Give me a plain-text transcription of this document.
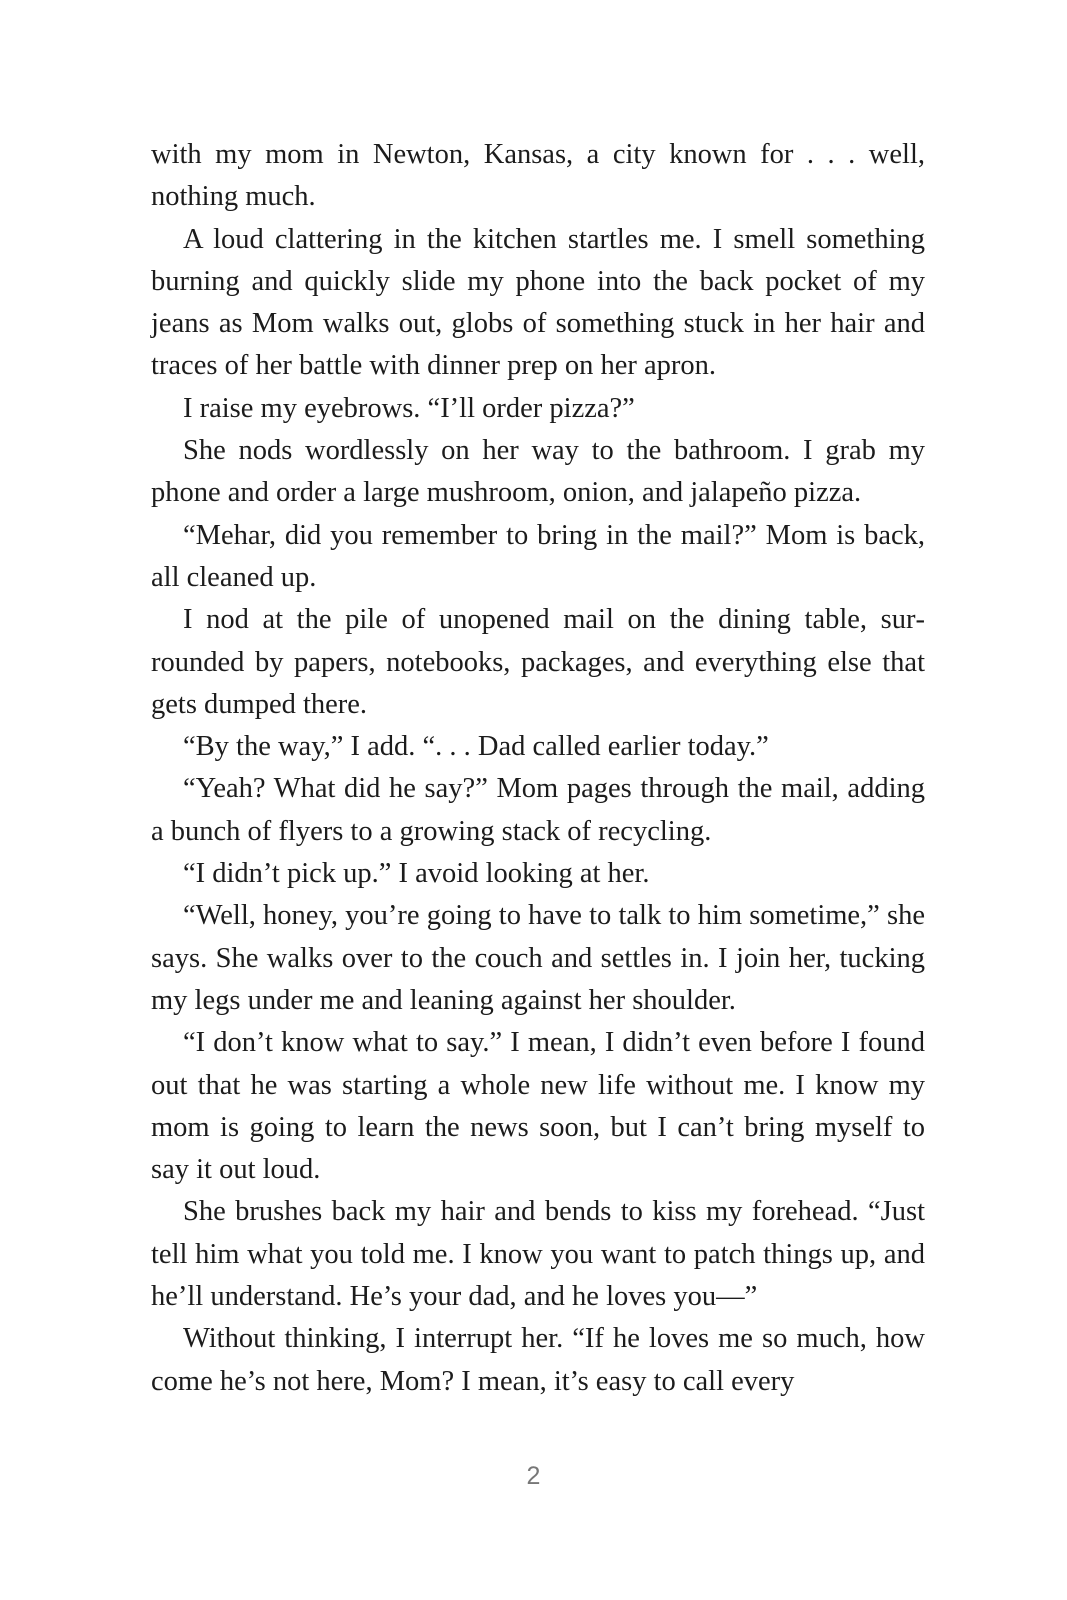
with my mom in Newton, Kansas, a city known for . . . well, nothing much.

A loud clattering in the kitchen startles me. I smell something burning and quickly slide my phone into the back pocket of my jeans as Mom walks out, globs of something stuck in her hair and traces of her battle with dinner prep on her apron.

I raise my eyebrows. “I’ll order pizza?”

She nods wordlessly on her way to the bathroom. I grab my phone and order a large mushroom, onion, and jalapeño pizza.

“Mehar, did you remember to bring in the mail?” Mom is back, all cleaned up.

I nod at the pile of unopened mail on the dining table, surrounded by papers, notebooks, packages, and everything else that gets dumped there.

“By the way,” I add. “. . . Dad called earlier today.”

“Yeah? What did he say?” Mom pages through the mail, adding a bunch of flyers to a growing stack of recycling.

“I didn’t pick up.” I avoid looking at her.

“Well, honey, you’re going to have to talk to him sometime,” she says. She walks over to the couch and settles in. I join her, tucking my legs under me and leaning against her shoulder.

“I don’t know what to say.” I mean, I didn’t even before I found out that he was starting a whole new life without me. I know my mom is going to learn the news soon, but I can’t bring myself to say it out loud.

She brushes back my hair and bends to kiss my forehead. “Just tell him what you told me. I know you want to patch things up, and he’ll understand. He’s your dad, and he loves you—”

Without thinking, I interrupt her. “If he loves me so much, how come he’s not here, Mom? I mean, it’s easy to call every

2
